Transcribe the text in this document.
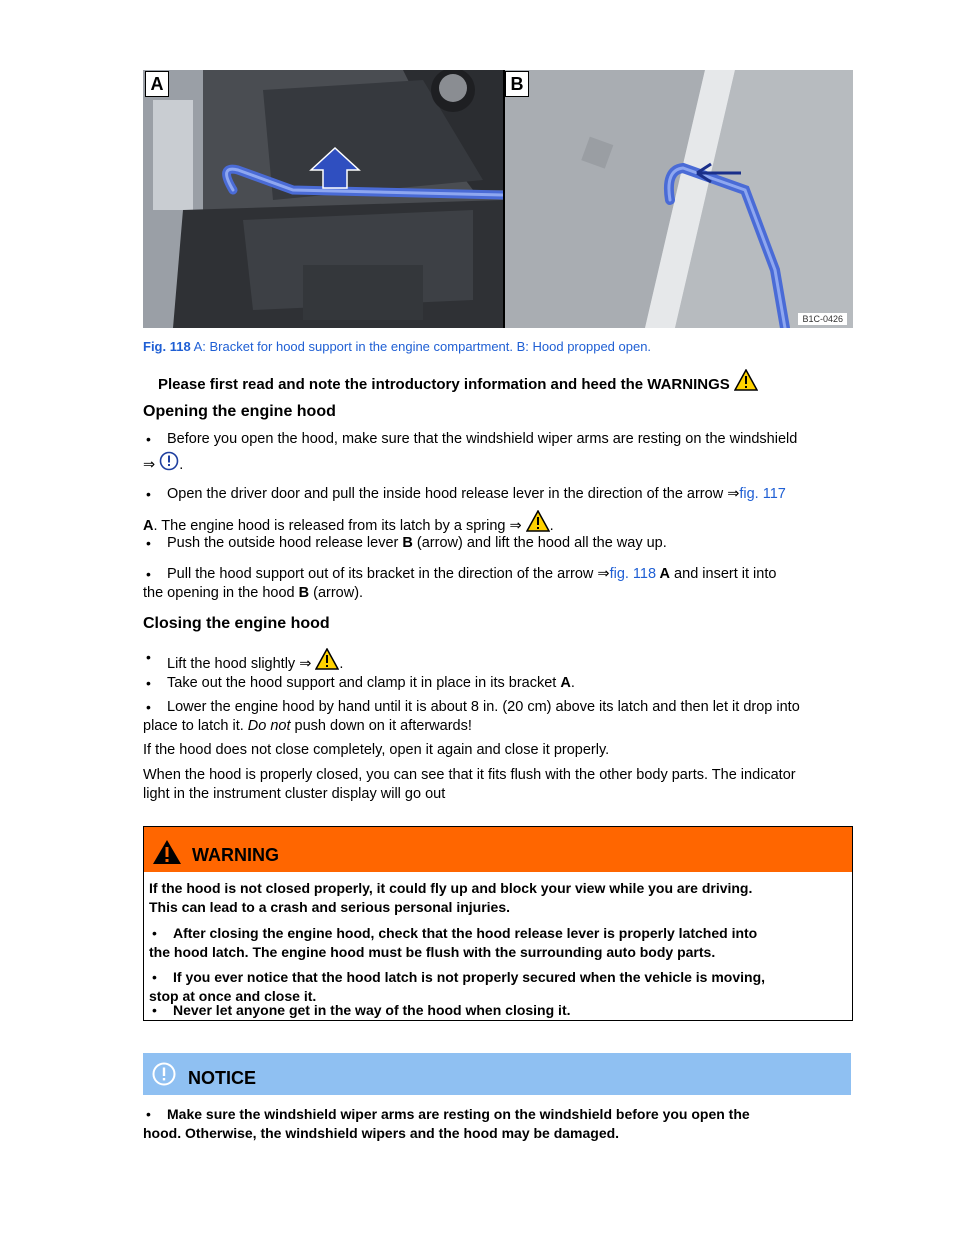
A	B
B1C-0426
Fig. 118 A: Bracket for hood support in the engine compartment. B: Hood propped open.
Please first read and note the introductory information and heed the WARNINGS
Opening the engine hood
• Before you open the hood, make sure that the windshield wiper arms are resting on the windshield
⇒ .
• Open the driver door and pull the inside hood release lever in the direction of the arrow ⇒fig. 117
A. The engine hood is released from its latch by a spring ⇒ .
• Push the outside hood release lever B (arrow) and lift the hood all the way up.
• Pull the hood support out of its bracket in the direction of the arrow ⇒fig. 118 A and insert it into
the opening in the hood B (arrow).
Closing the engine hood
• Lift the hood slightly ⇒ .
• Take out the hood support and clamp it in place in its bracket A.
• Lower the engine hood by hand until it is about 8 in. (20 cm) above its latch and then let it drop into
place to latch it. Do not push down on it afterwards!
If the hood does not close completely, open it again and close it properly.
When the hood is properly closed, you can see that it fits flush with the other body parts. The indicator
light in the instrument cluster display will go out
WARNING
If the hood is not closed properly, it could fly up and block your view while you are driving.
This can lead to a crash and serious personal injuries.
• After closing the engine hood, check that the hood release lever is properly latched into
the hood latch. The engine hood must be flush with the surrounding auto body parts.
• If you ever notice that the hood latch is not properly secured when the vehicle is moving,
stop at once and close it.
• Never let anyone get in the way of the hood when closing it.
NOTICE
• Make sure the windshield wiper arms are resting on the windshield before you open the
hood. Otherwise, the windshield wipers and the hood may be damaged.
